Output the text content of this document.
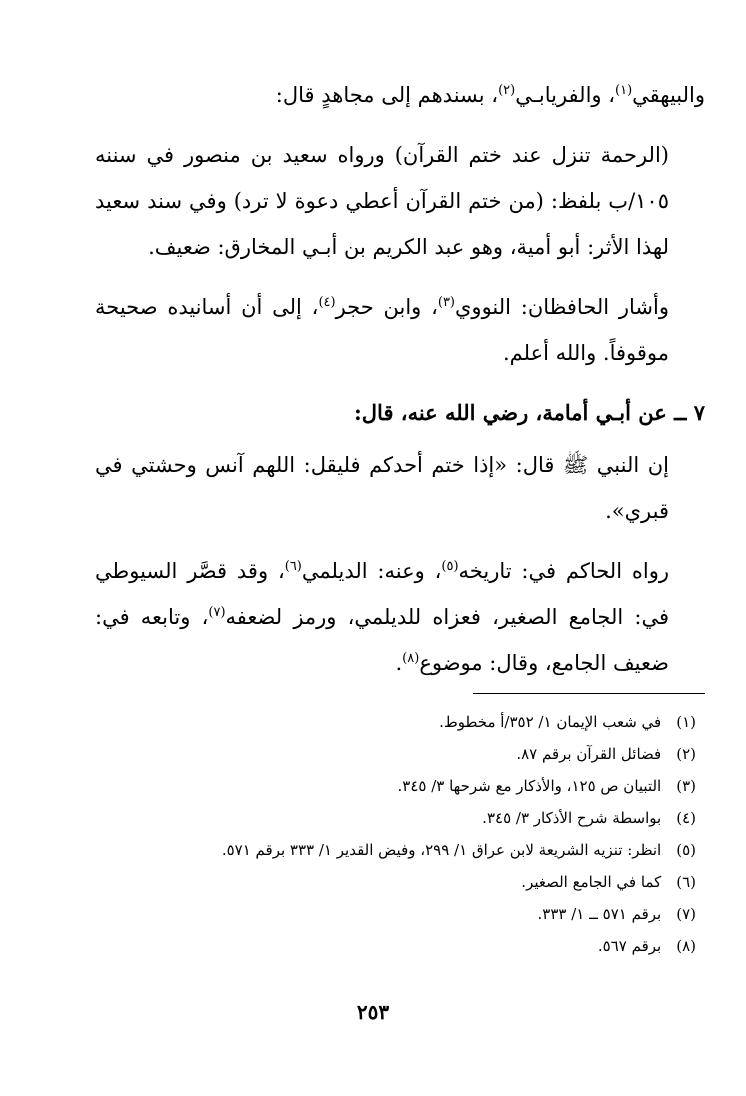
والبيهقي$^{(١)}$، والفريابـي$^{(٢)}$، بسندهم إلى مجاهدٍ قال:

(الرحمة تنزل عند ختم القرآن) ورواه سعيد بن منصور في سننه ١٠٥/ب بلفظ: (من ختم القرآن أعطي دعوة لا ترد) وفي سند سعيد لهذا الأثر: أبو أمية، وهو عبد الكريم بن أبـي المخارق: ضعيف.

وأشار الحافظان: النووي$^{(٣)}$، وابن حجر$^{(٤)}$، إلى أن أسانيده صحيحة موقوفاً. والله أعلم.

٧ ــ عن أبـي أمامة، رضي الله عنه، قال:

إن النبي ﷺ قال: «إذا ختم أحدكم فليقل: اللهم آنس وحشتي في قبري».

رواه الحاكم في: تاريخه$^{(٥)}$، وعنه: الديلمي$^{(٦)}$، وقد قصَّر السيوطي في: الجامع الصغير، فعزاه للديلمي، ورمز لضعفه$^{(٧)}$، وتابعه في: ضعيف الجامع، وقال: موضوع$^{(٨)}$.

(١) في شعب الإيمان ١/ ٣٥٢/أ مخطوط.
(٢) فضائل القرآن برقم ٨٧.
(٣) التبيان ص ١٢٥، والأذكار مع شرحها ٣/ ٣٤٥.
(٤) بواسطة شرح الأذكار ٣/ ٣٤٥.
(٥) انظر: تنزيه الشريعة لابن عراق ١/ ٢٩٩، وفيض القدير ١/ ٣٣٣ برقم ٥٧١.
(٦) كما في الجامع الصغير.
(٧) برقم ٥٧١ ــ ١/ ٣٣٣.
(٨) برقم ٥٦٧.
٢٥٣
